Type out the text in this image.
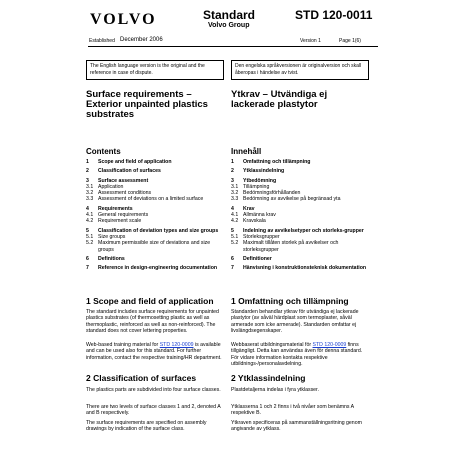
VOLVO	Standard
Volvo Group
STD 120-0011
Established December 2006	Version 1	Page 1(6)
The English language version is the original and the reference in case of dispute.
Den engelska språkversionen är originalversion och skall åberopas i händelse av tvist.
Surface requirements – Exterior unpainted plastics substrates
Ytkrav – Utvändiga ej lackerade plastytor
Contents	Innehåll
1	Scope and field of application
2	Classification of surfaces
3	Surface assessment
3.1 Application
3.2 Assessment conditions
3.3 Assessment of deviations on a limited surface
4	Requirements
4.1 General requirements
4.2 Requirement scale
5	Classification of deviation types and size groups
5.1 Size groups
5.2 Maximum permissible size of deviations and size groups
6	Definitions
7	Reference in design-engineering documentation
1	Omfattning och tillämpning
2	Ytklassindelning
3	Ytbedömning
3.1 Tillämpning
3.2 Bedömningsförhållanden
3.3 Bedömning av avvikelse på begränsad yta
4	Krav
4.1 Allmänna krav
4.2 Kravskala
5	Indelning av avvikelsetyper och storleks-grupper
5.1 Storleksgrupper
5.2 Maximalt tillåten storlek på avvikelser och storleksgrupper
6	Definitioner
7	Hänvisning i konstruktionsteknisk dokumentation
1 Scope and field of application 1 Omfattning och tillämpning
The standard includes surface requirements for unpainted plastics substrates (of thermosetting plastic as well as thermoplastic, reinforced as well as non-reinforced). The standard does not cover lettering properties.
Standarden behandlar ytkrav för utvändiga ej lackerade plastytor (av såväl härdplast som termoplaster, såväl armerade som icke armerade). Standarden omfattar ej livslängdsegenskaper.
Web-based training material for STD 120-0009 is available and can be used also for this standard. For further information, contact the respective training/HR department.
Webbaserat utbildningsmaterial för STD 120-0009 finns tillgängligt. Detta kan användas även för denna standard. För vidare information kontakta respektive utbildnings-/personalavdelning.
2 Classification of surfaces	2 Ytklassindelning
The plastics parts are subdivided into four surface classes.	Plastdetaljerna indelas i fyra ytklasser.
There are two levels of surface classes 1 and 2, denoted A and B respectively.
Ytklasserna 1 och 2 finns i två nivåer som benämns A respektive B.
The surface requirements are specified on assembly drawings by indication of the surface class.
Ytkraven specificeras på sammanställningsritning genom angivande av ytklass.
